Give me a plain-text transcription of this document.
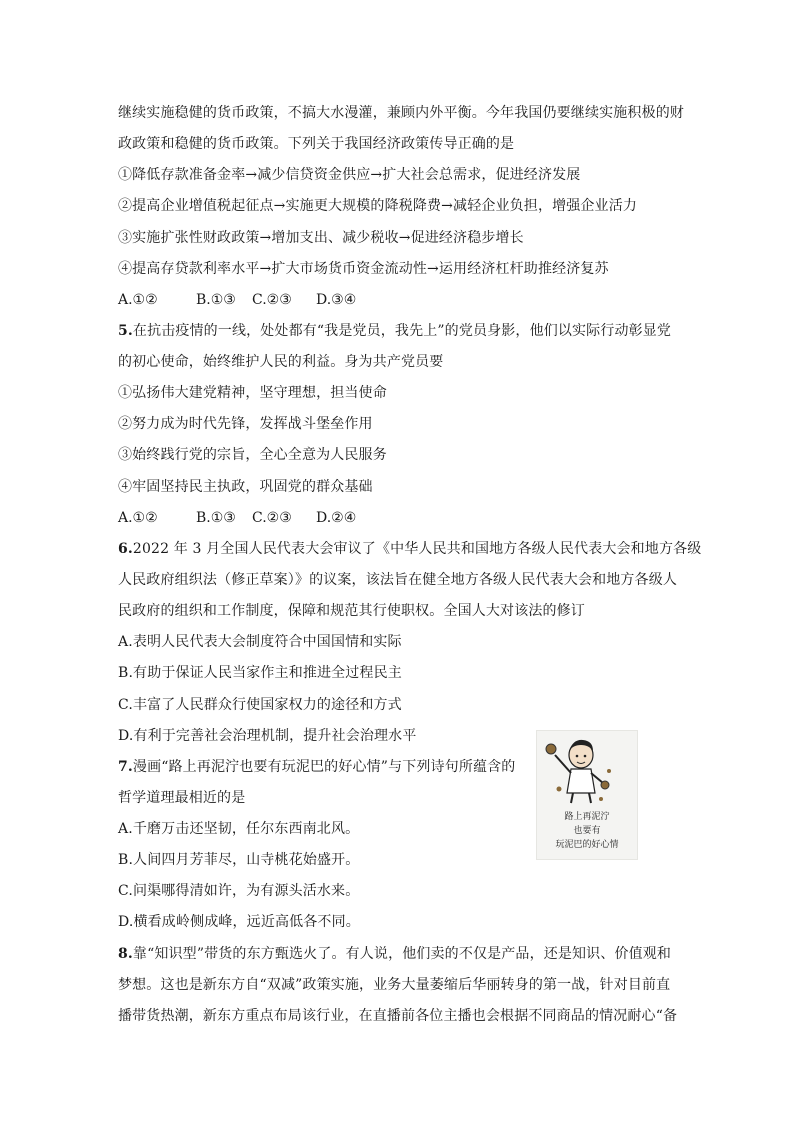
继续实施稳健的货币政策，不搞大水漫灌，兼顾内外平衡。今年我国仍要继续实施积极的财
政政策和稳健的货币政策。下列关于我国经济政策传导正确的是
①降低存款准备金率→减少信贷资金供应→扩大社会总需求，促进经济发展
②提高企业增值税起征点→实施更大规模的降税降费→减轻企业负担，增强企业活力
③实施扩张性财政政策→增加支出、减少税收→促进经济稳步增长
④提高存贷款利率水平→扩大市场货币资金流动性→运用经济杠杆助推经济复苏
A.①②	B.①③ C.②③ D.③④
5.在抗击疫情的一线，处处都有“我是党员，我先上”的党员身影，他们以实际行动彰显党
的初心使命，始终维护人民的利益。身为共产党员要
①弘扬伟大建党精神，坚守理想，担当使命
②努力成为时代先锋，发挥战斗堡垒作用
③始终践行党的宗旨，全心全意为人民服务
④牢固坚持民主执政，巩固党的群众基础
A.①②	B.①③ C.②③ D.②④
6.2022 年 3 月全国人民代表大会审议了《中华人民共和国地方各级人民代表大会和地方各级
人民政府组织法（修正草案）》的议案，该法旨在健全地方各级人民代表大会和地方各级人
民政府的组织和工作制度，保障和规范其行使职权。全国人大对该法的修订
A.表明人民代表大会制度符合中国国情和实际
B.有助于保证人民当家作主和推进全过程民主
C.丰富了人民群众行使国家权力的途径和方式
D.有利于完善社会治理机制，提升社会治理水平
7.漫画“路上再泥泞也要有玩泥巴的好心情”与下列诗句所蕴含的
哲学道理最相近的是
A.千磨万击还坚韧，任尔东西南北风。
B.人间四月芳菲尽，山寺桃花始盛开。
C.问渠哪得清如许，为有源头活水来。
D.横看成岭侧成峰，远近高低各不同。
路上再泥泞
也要有
玩泥巴的好心情
8.靠“知识型”带货的东方甄选火了。有人说，他们卖的不仅是产品，还是知识、价值观和
梦想。这也是新东方自“双减”政策实施，业务大量萎缩后华丽转身的第一战，针对目前直
播带货热潮，新东方重点布局该行业，在直播前各位主播也会根据不同商品的情况耐心“备
